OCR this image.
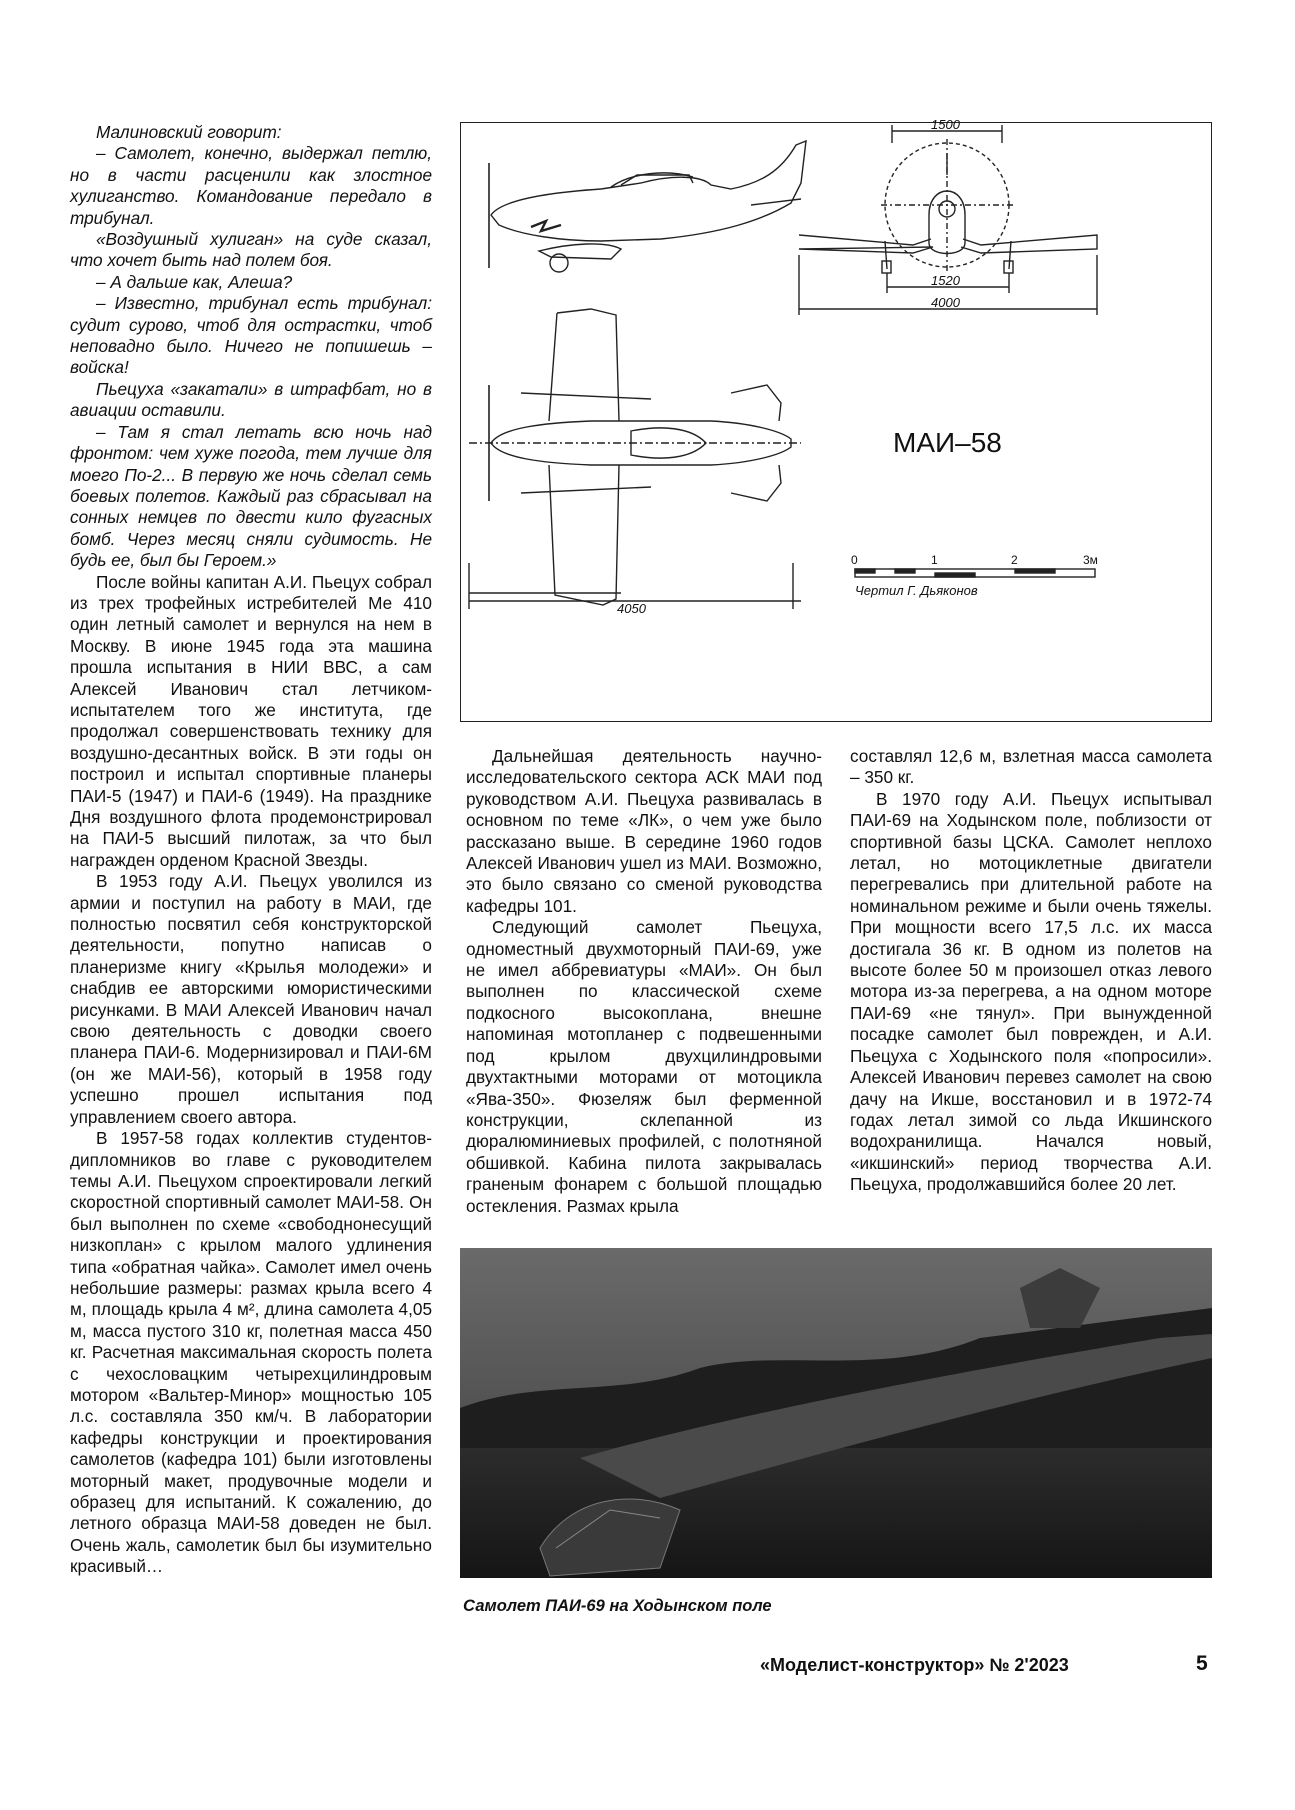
Малиновский говорит:

– Самолет, конечно, выдержал петлю, но в части расценили как злостное хулиганство. Командование передало в трибунал.

«Воздушный хулиган» на суде сказал, что хочет быть над полем боя.

– А дальше как, Алеша?

– Известно, трибунал есть трибунал: судит сурово, чтоб для острастки, чтоб неповадно было. Ничего не попишешь – войска!

Пьецуха «закатали» в штрафбат, но в авиации оставили.

– Там я стал летать всю ночь над фронтом: чем хуже погода, тем лучше для моего По-2... В первую же ночь сделал семь боевых полетов. Каждый раз сбрасывал на сонных немцев по двести кило фугасных бомб. Через месяц сняли судимость. Не будь ее, был бы Героем.»

После войны капитан А.И. Пьецух собрал из трех трофейных истребителей Ме 410 один летный самолет и вернулся на нем в Москву. В июне 1945 года эта машина прошла испытания в НИИ ВВС, а сам Алексей Иванович стал летчиком-испытателем того же института, где продолжал совершенствовать технику для воздушно-десантных войск. В эти годы он построил и испытал спортивные планеры ПАИ-5 (1947) и ПАИ-6 (1949). На празднике Дня воздушного флота продемонстрировал на ПАИ-5 высший пилотаж, за что был награжден орденом Красной Звезды.

В 1953 году А.И. Пьецух уволился из армии и поступил на работу в МАИ, где полностью посвятил себя конструкторской деятельности, попутно написав о планеризме книгу «Крылья молодежи» и снабдив ее авторскими юмористическими рисунками. В МАИ Алексей Иванович начал свою деятельность с доводки своего планера ПАИ-6. Модернизировал и ПАИ-6М (он же МАИ-56), который в 1958 году успешно прошел испытания под управлением своего автора.

В 1957-58 годах коллектив студентов-дипломников во главе с руководителем темы А.И. Пьецухом спроектировали легкий скоростной спортивный самолет МАИ-58. Он был выполнен по схеме «свободнонесущий низкоплан» с крылом малого удлинения типа «обратная чайка». Самолет имел очень небольшие размеры: размах крыла всего 4 м, площадь крыла 4 м², длина самолета 4,05 м, масса пустого 310 кг, полетная масса 450 кг. Расчетная максимальная скорость полета с чехословацким четырехцилиндровым мотором «Вальтер-Минор» мощностью 105 л.с. составляла 350 км/ч. В лаборатории кафедры конструкции и проектирования самолетов (кафедра 101) были изготовлены моторный макет, продувочные модели и образец для испытаний. К сожалению, до летного образца МАИ-58 доведен не был. Очень жаль, самолетик был бы изумительно красивый…

МАИ–58
1500
1520
4000
4050
0	1	2	3м
Чертил Г. Дьяконов

Дальнейшая деятельность научно-исследовательского сектора АСК МАИ под руководством А.И. Пьецуха развивалась в основном по теме «ЛК», о чем уже было рассказано выше. В середине 1960 годов Алексей Иванович ушел из МАИ. Возможно, это было связано со сменой руководства кафедры 101.

Следующий самолет Пьецуха, одноместный двухмоторный ПАИ-69, уже не имел аббревиатуры «МАИ». Он был выполнен по классической схеме подкосного высокоплана, внешне напоминая мотопланер с подвешенными под крылом двухцилиндровыми двухтактными моторами от мотоцикла «Ява-350». Фюзеляж был ферменной конструкции, склепанной из дюралюминиевых профилей, с полотняной обшивкой. Кабина пилота закрывалась граненым фонарем с большой площадью остекления. Размах крыла

составлял 12,6 м, взлетная масса самолета – 350 кг.

В 1970 году А.И. Пьецух испытывал ПАИ-69 на Ходынском поле, поблизости от спортивной базы ЦСКА. Самолет неплохо летал, но мотоциклетные двигатели перегревались при длительной работе на номинальном режиме и были очень тяжелы. При мощности всего 17,5 л.с. их масса достигала 36 кг. В одном из полетов на высоте более 50 м произошел отказ левого мотора из-за перегрева, а на одном моторе ПАИ-69 «не тянул». При вынужденной посадке самолет был поврежден, и А.И. Пьецуха с Ходынского поля «попросили». Алексей Иванович перевез самолет на свою дачу на Икше, восстановил и в 1972-74 годах летал зимой со льда Икшинского водохранилища. Начался новый, «икшинский» период творчества А.И. Пьецуха, продолжавшийся более 20 лет.

Самолет ПАИ-69 на Ходынском поле
«Моделист-конструктор» № 2'2023	5
